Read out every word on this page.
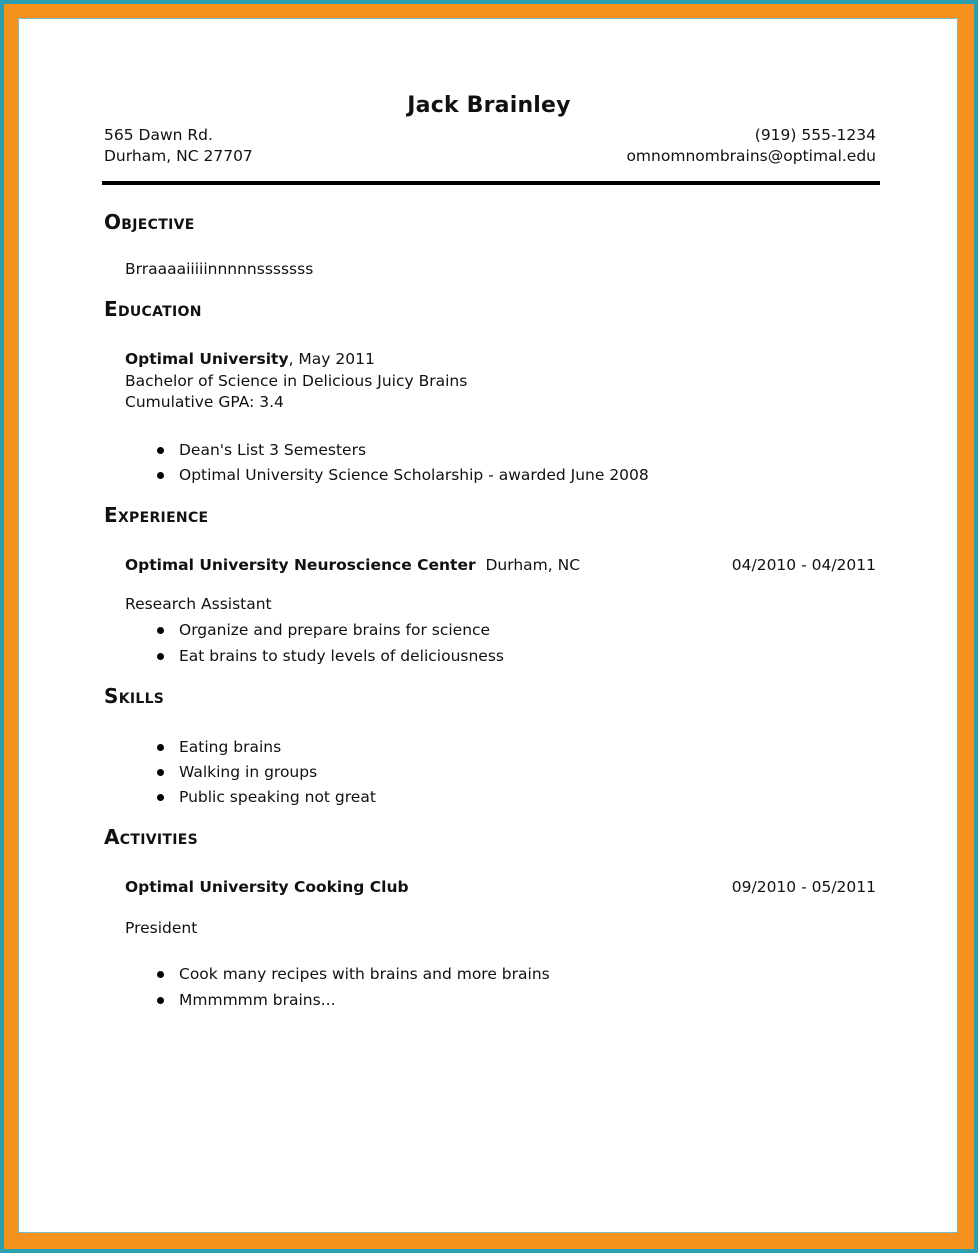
Jack Brainley
565 Dawn Rd.
Durham, NC 27707
(919) 555-1234
omnomnombrains@optimal.edu
Objective
Brraaaaiiiiinnnnnsssssss
Education
Optimal University, May 2011
Bachelor of Science in Delicious Juicy Brains
Cumulative GPA: 3.4
Dean's List 3 Semesters
Optimal University Science Scholarship - awarded June 2008
Experience
Optimal University Neuroscience Center Durham, NC	04/2010 - 04/2011
Research Assistant
Organize and prepare brains for science
Eat brains to study levels of deliciousness
Skills
Eating brains
Walking in groups
Public speaking not great
Activities
Optimal University Cooking Club	09/2010 - 05/2011
President
Cook many recipes with brains and more brains
Mmmmmm brains...
